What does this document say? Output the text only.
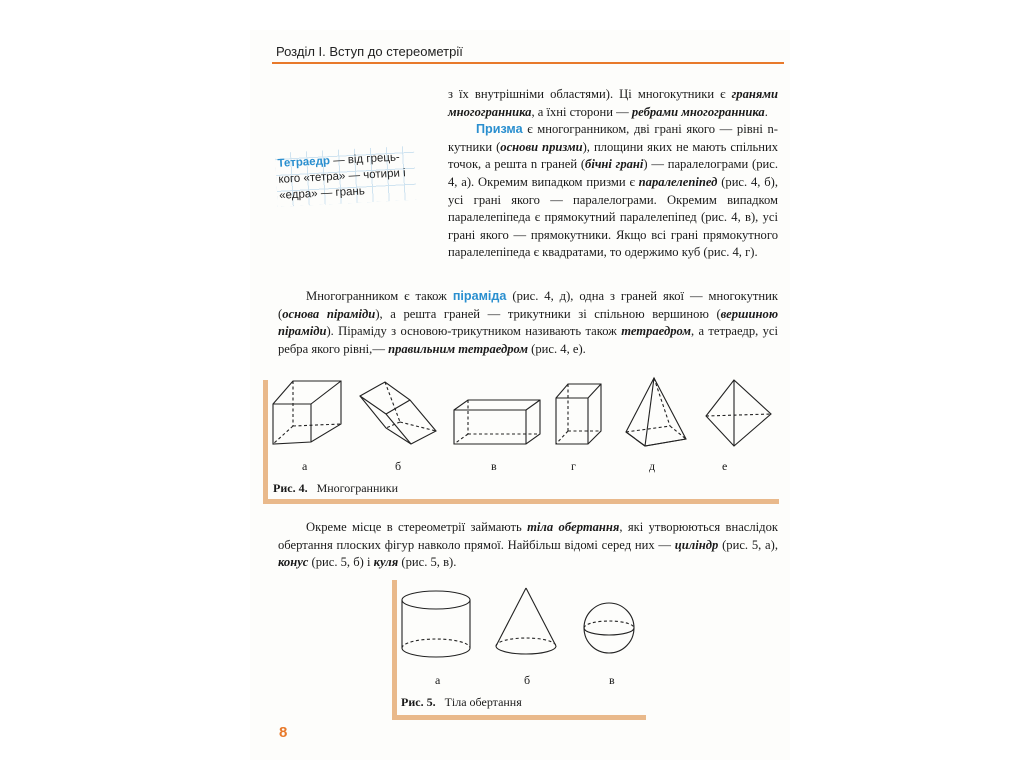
Розділ І. Вступ до стереометрії
Тетраедр — від грець-кого «тетра» — чотири і «едра» — грань

з їх внутрішніми областями). Ці многокутники є гранями многогранника, а їхні сторони — ребрами многогранника.

Призма є многогранником, дві грані якого — рівні n-кутники (основи призми), площини яких не мають спільних точок, а решта n граней (бічні грані) — паралелограми (рис. 4, а). Окремим випадком призми є паралелепіпед (рис. 4, б), усі грані якого — паралелограми. Окремим випадком паралелепіпеда є прямокутний паралелепіпед (рис. 4, в), усі грані якого — прямокутники. Якщо всі грані прямокутного паралелепіпеда є квадратами, то одержимо куб (рис. 4, г).

Многогранником є також піраміда (рис. 4, д), одна з граней якої — многокутник (основа піраміди), а решта граней — трикутники зі спільною вершиною (вершиною піраміди). Піраміду з основою-трикутником називають також тетраедром, а тетраедр, усі ребра якого рівні,— правильним тетраедром (рис. 4, е).

а	б	в	г	д	е
Рис. 4. Многогранники

Окреме місце в стереометрії займають тіла обертання, які утворюються внаслідок обертання плоских фігур навколо прямої. Найбільш відомі серед них — циліндр (рис. 5, а), конус (рис. 5, б) і куля (рис. 5, в).

а	б	в
Рис. 5. Тіла обертання
8
